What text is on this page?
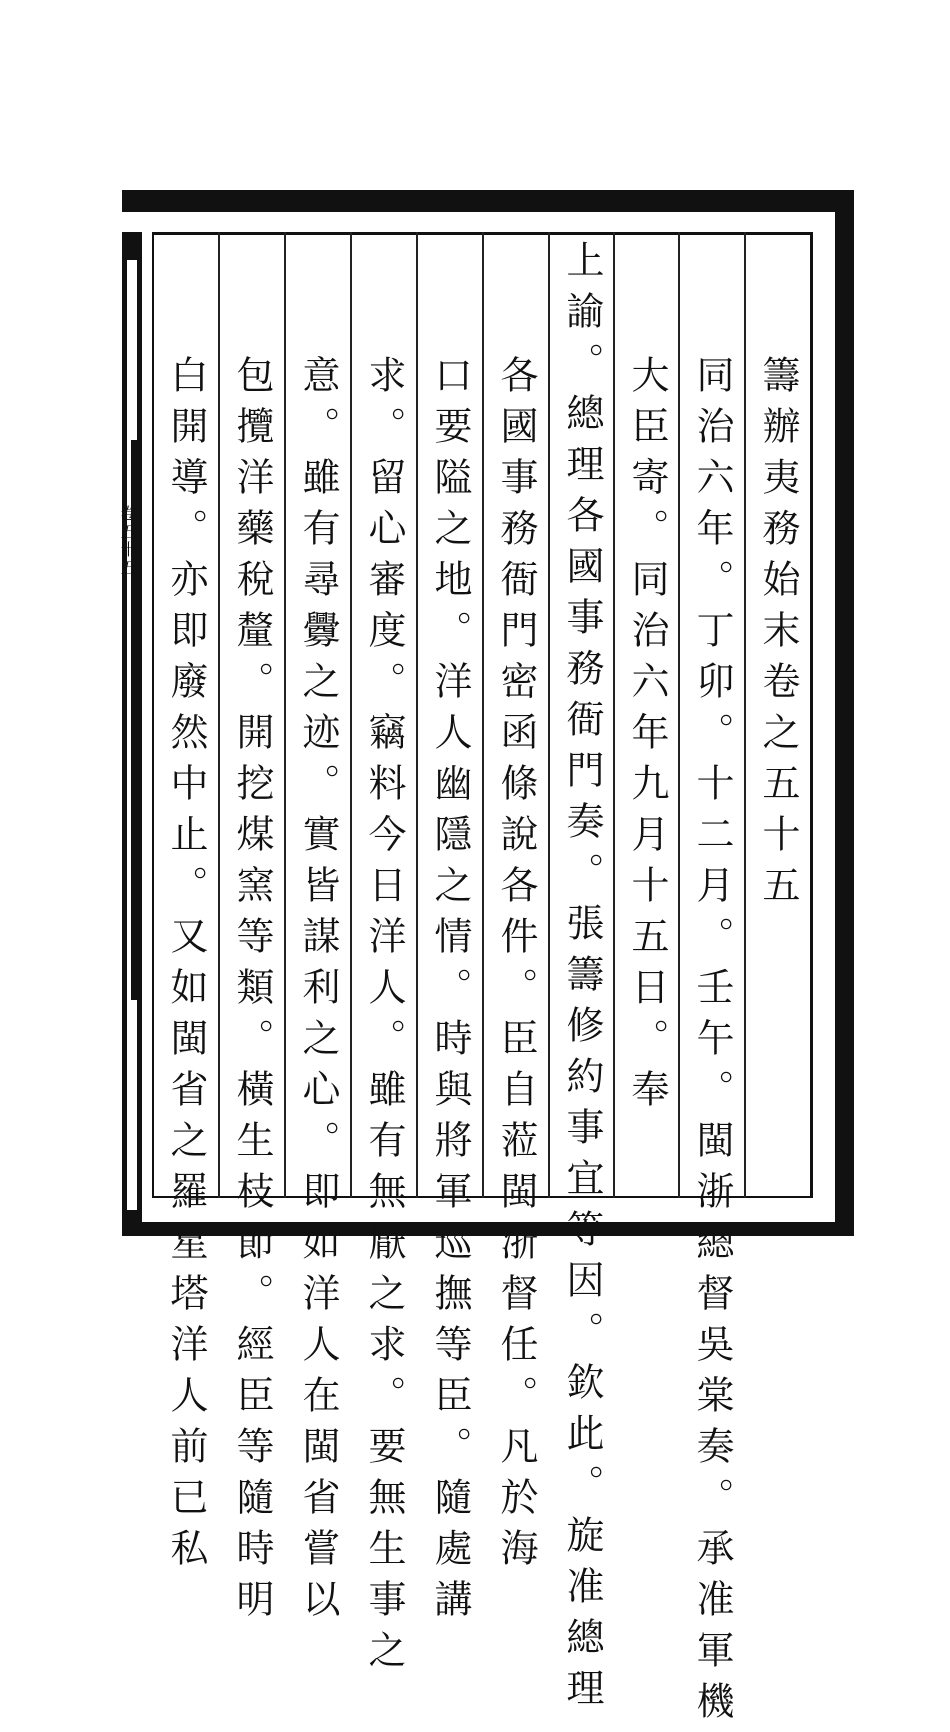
卷五十五	籌辦夷務始末卷之五十五
同治六年。丁卯。十二月。壬午。閩浙總督吳棠奏。承准軍機
大臣寄。同治六年九月十五日。奉
上諭。總理各國事務衙門奏。張籌修約事宜等因。欽此。旋准總理
各國事務衙門密函條說各件。臣自蒞閩浙督任。凡於海
口要隘之地。洋人幽隱之情。時與將軍巡撫等臣。隨處講
求。留心審度。竊料今日洋人。雖有無厭之求。要無生事之
意。雖有尋釁之迹。實皆謀利之心。即如洋人在閩省嘗以
包攬洋藥稅釐。開挖煤窯等類。橫生枝節。經臣等隨時明
白開導。亦即廢然中止。又如閩省之羅星塔洋人前已私
